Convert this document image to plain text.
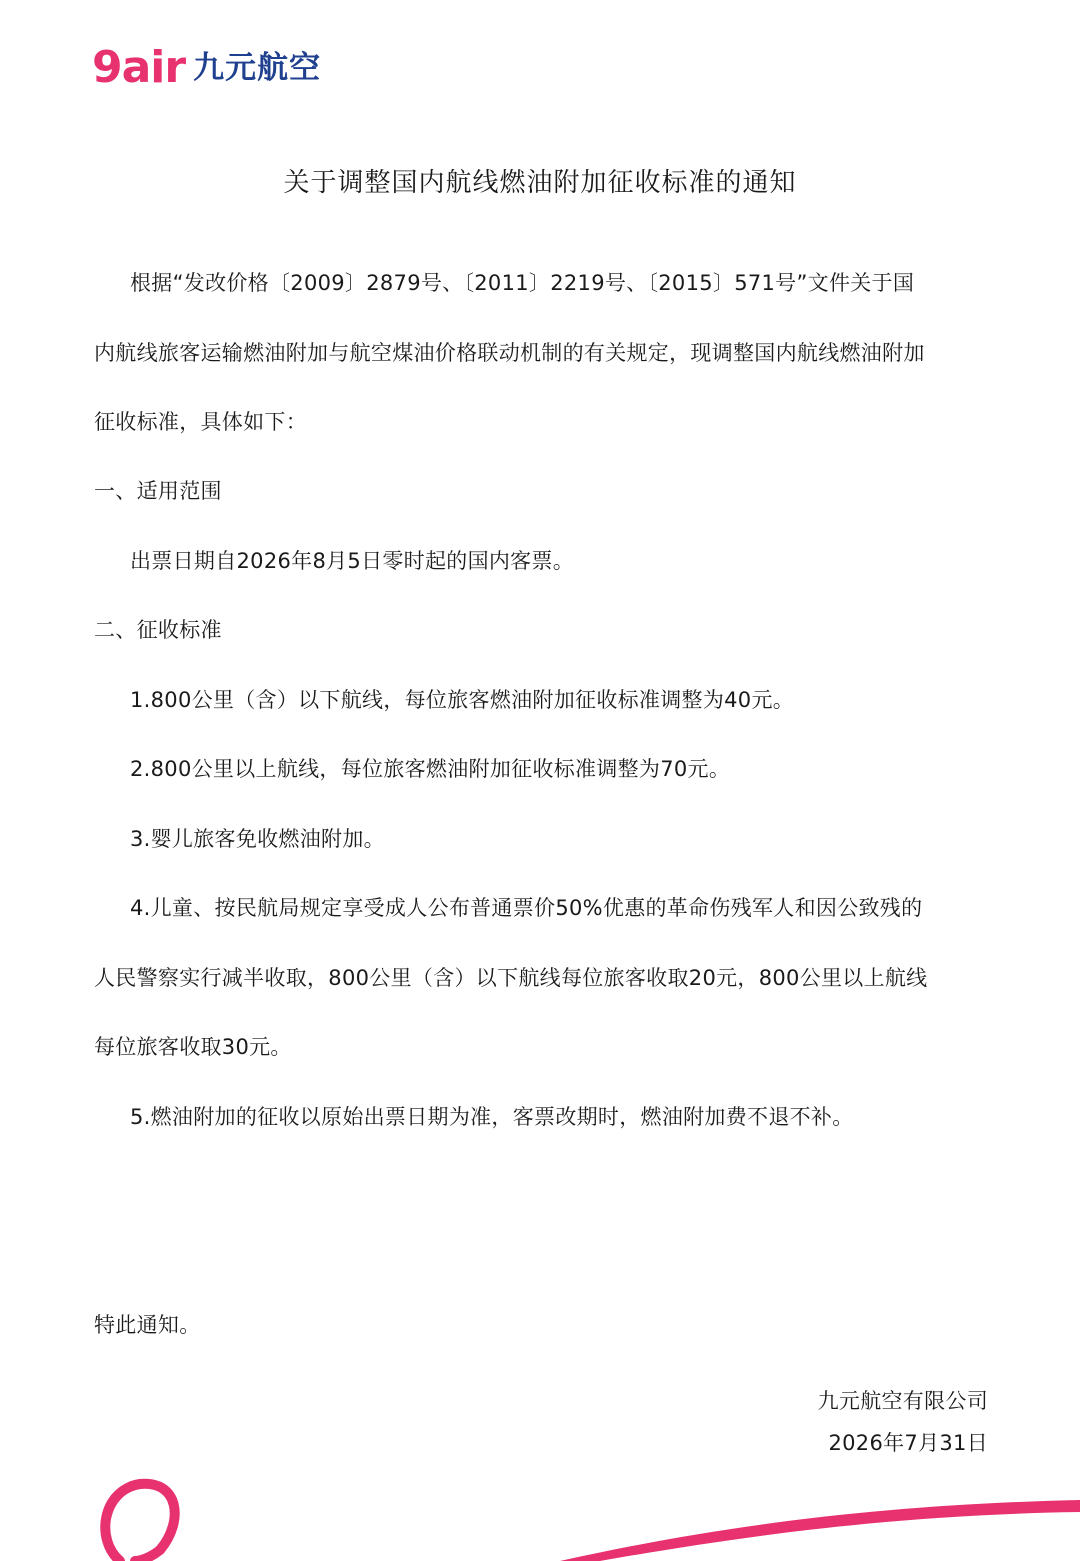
9air 九元航空
关于调整国内航线燃油附加征收标准的通知
根据“发改价格〔2009〕2879号、〔2011〕2219号、〔2015〕571号”文件关于国
内航线旅客运输燃油附加与航空煤油价格联动机制的有关规定，现调整国内航线燃油附加
征收标准，具体如下：
一、适用范围
出票日期自2026年8月5日零时起的国内客票。
二、征收标准
1.800公里（含）以下航线，每位旅客燃油附加征收标准调整为40元。
2.800公里以上航线，每位旅客燃油附加征收标准调整为70元。
3.婴儿旅客免收燃油附加。
4.儿童、按民航局规定享受成人公布普通票价50%优惠的革命伤残军人和因公致残的
人民警察实行减半收取，800公里（含）以下航线每位旅客收取20元，800公里以上航线
每位旅客收取30元。
5.燃油附加的征收以原始出票日期为准，客票改期时，燃油附加费不退不补。
特此通知。
九元航空有限公司
2026年7月31日
